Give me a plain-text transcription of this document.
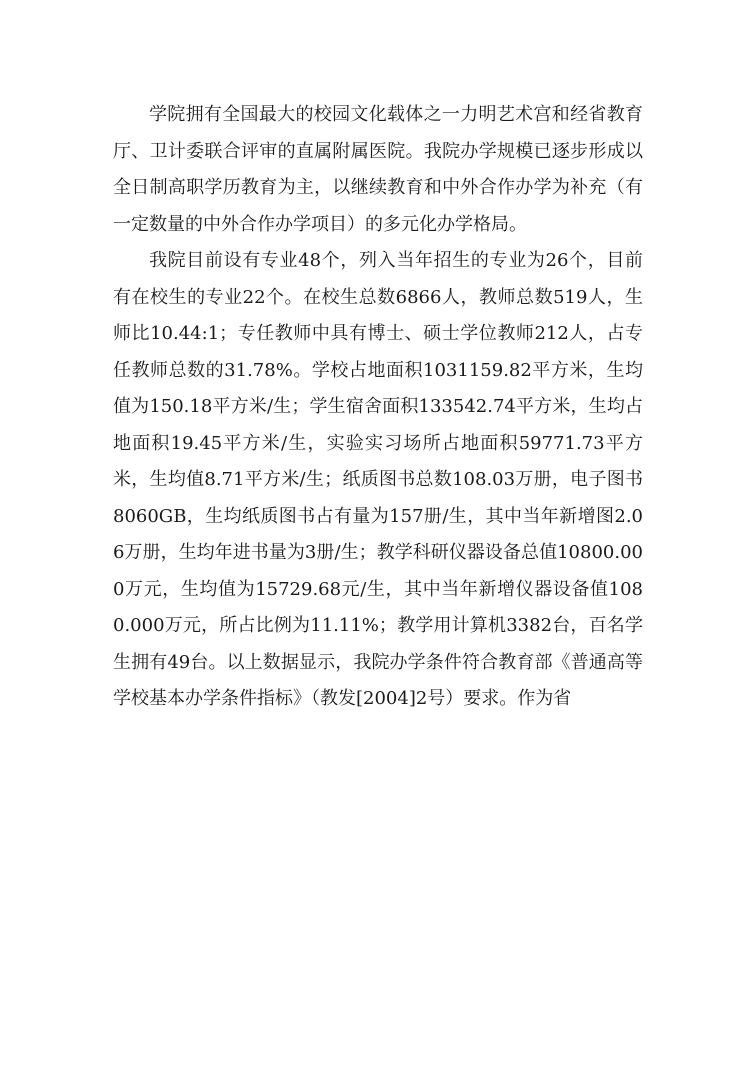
学院拥有全国最大的校园文化载体之一力明艺术宫和经省教育厅、卫计委联合评审的直属附属医院。我院办学规模已逐步形成以全日制高职学历教育为主，以继续教育和中外合作办学为补充（有一定数量的中外合作办学项目）的多元化办学格局。

我院目前设有专业48个，列入当年招生的专业为26个，目前有在校生的专业22个。在校生总数6866人，教师总数519人，生师比10.44:1；专任教师中具有博士、硕士学位教师212人，占专任教师总数的31.78%。学校占地面积1031159.82平方米，生均值为150.18平方米/生；学生宿舍面积133542.74平方米，生均占地面积19.45平方米/生，实验实习场所占地面积59771.73平方米，生均值8.71平方米/生；纸质图书总数108.03万册，电子图书8060GB，生均纸质图书占有量为157册/生，其中当年新增图2.06万册，生均年进书量为3册/生；教学科研仪器设备总值10800.000万元，生均值为15729.68元/生，其中当年新增仪器设备值1080.000万元，所占比例为11.11%；教学用计算机3382台，百名学生拥有49台。以上数据显示，我院办学条件符合教育部《普通高等学校基本办学条件指标》（教发[2004]2号）要求。作为省
